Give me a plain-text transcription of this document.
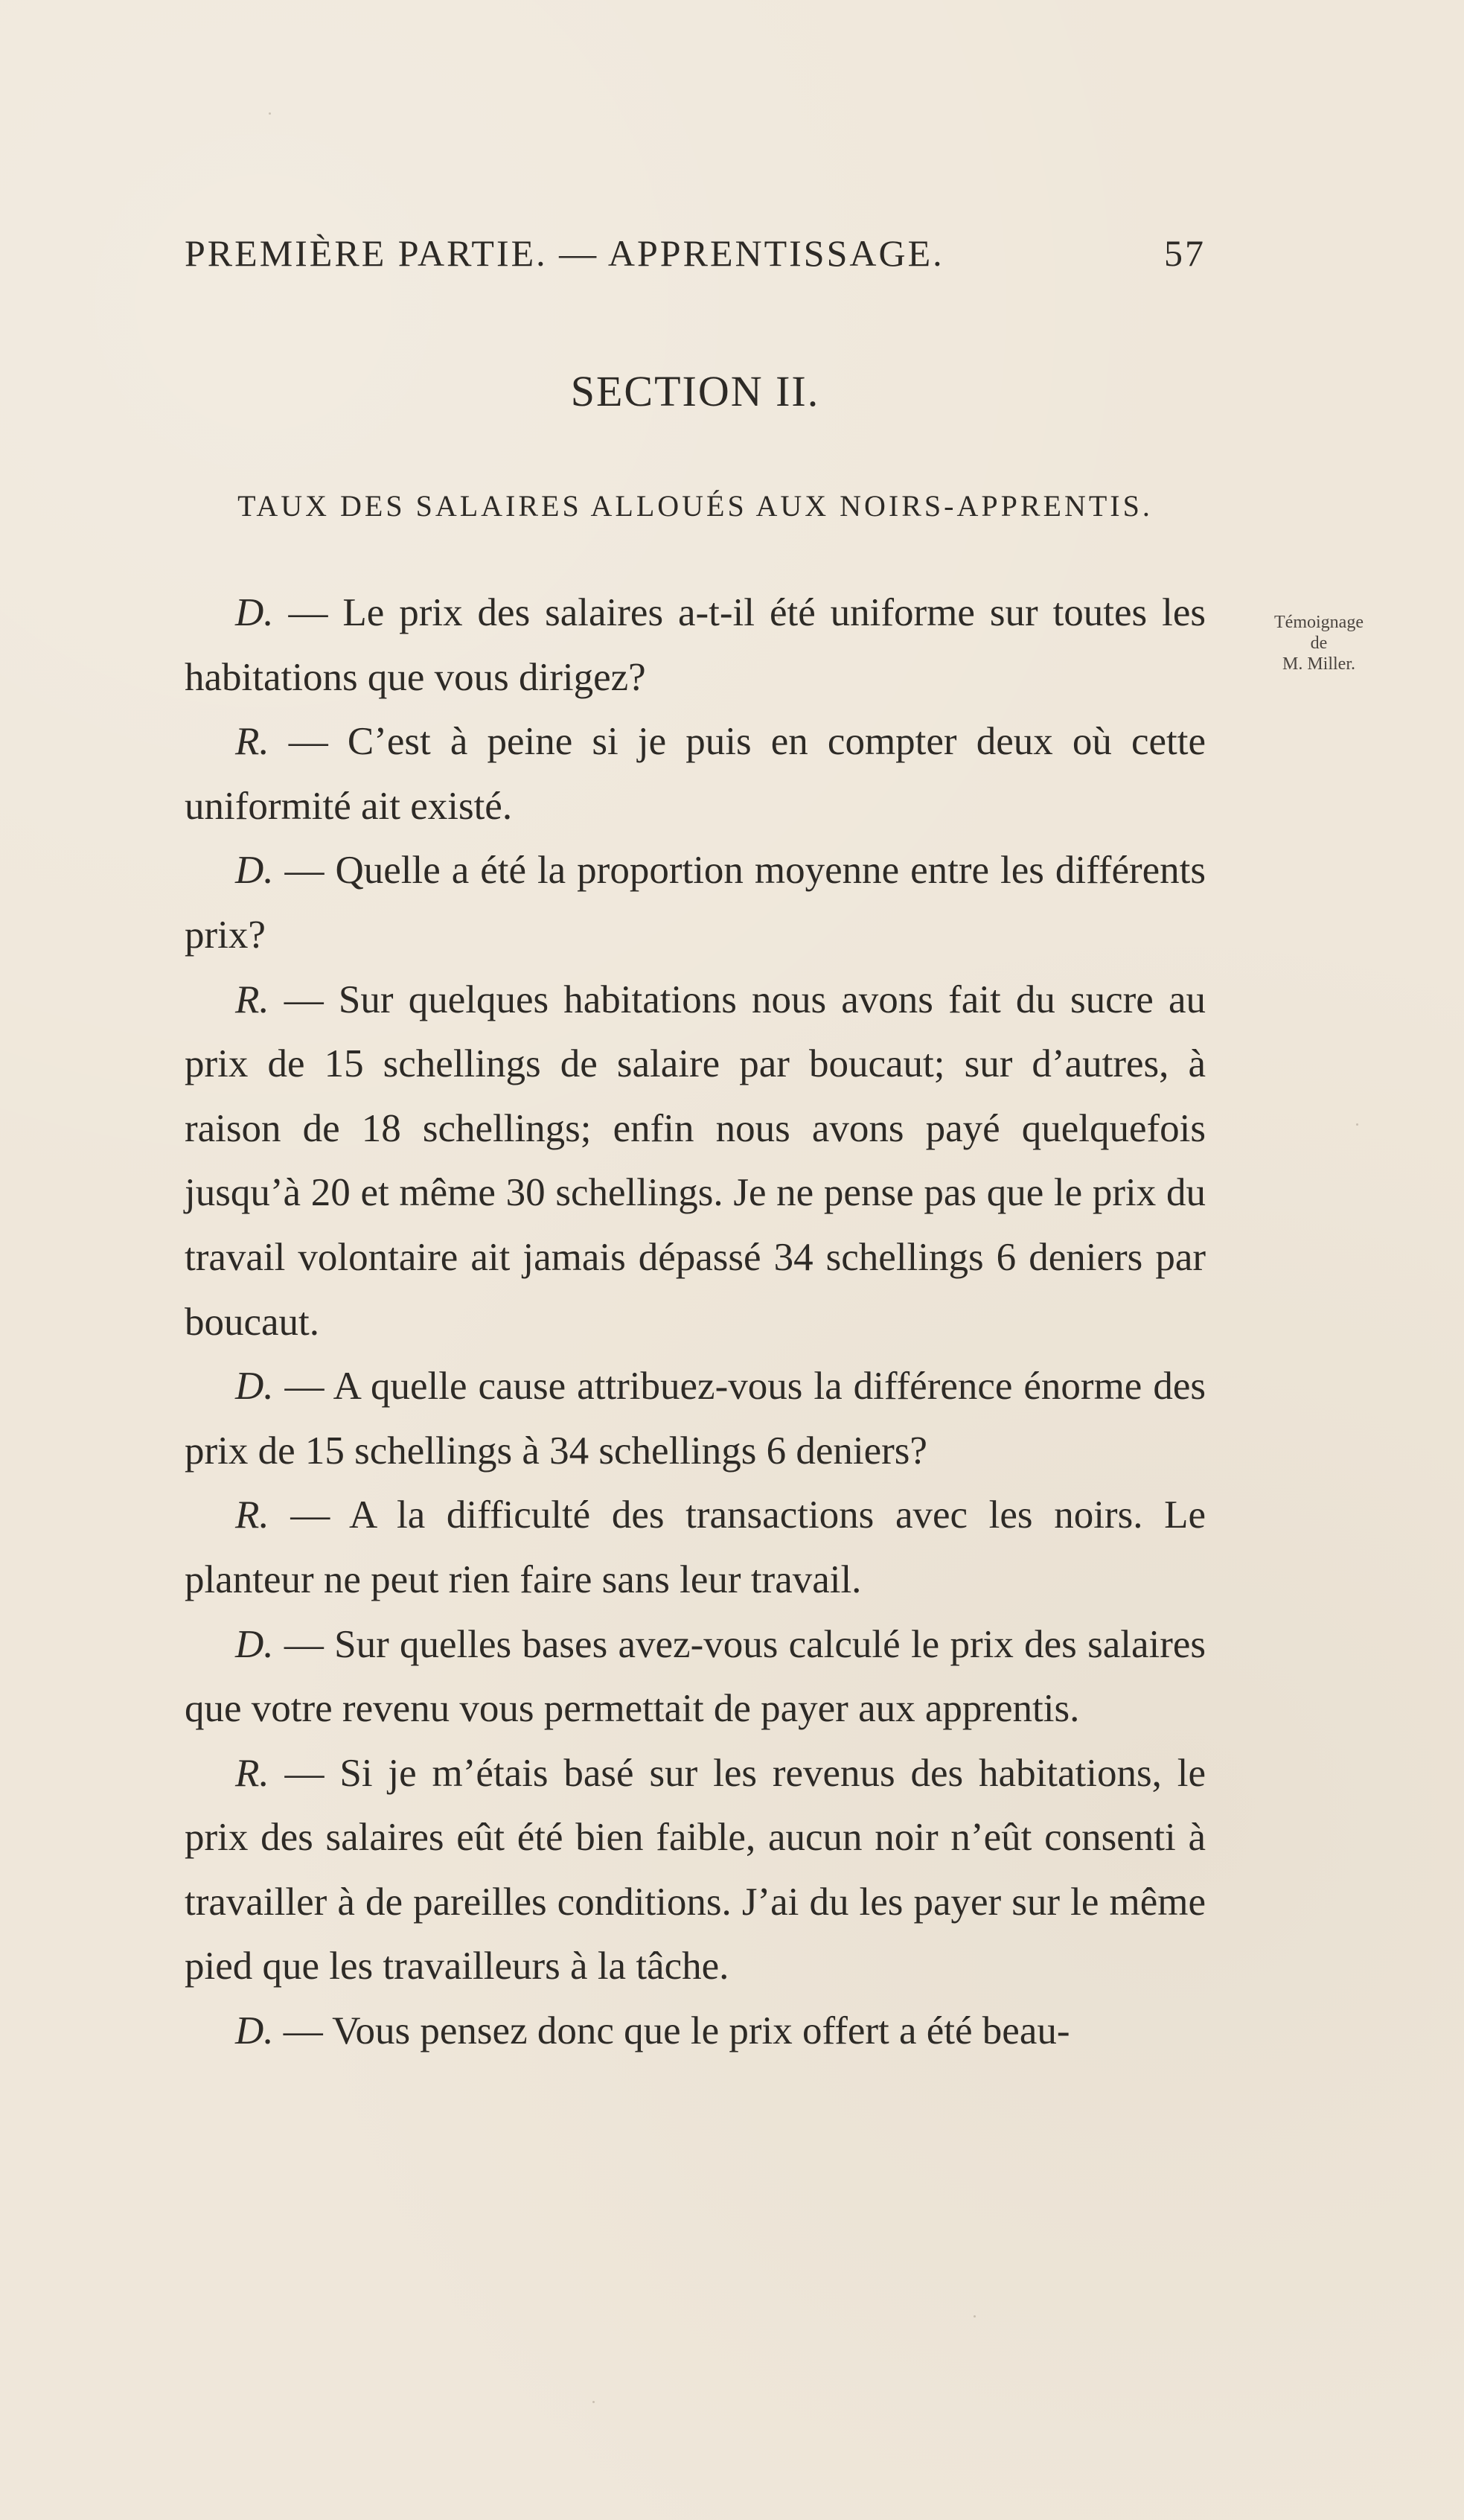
PREMIÈRE PARTIE. — APPRENTISSAGE.	57
SECTION II.
TAUX DES SALAIRES ALLOUÉS AUX NOIRS-APPRENTIS.
Témoignage
de
M. Miller.

D. — Le prix des salaires a-t-il été uniforme sur toutes les habitations que vous dirigez?

R. — C’est à peine si je puis en compter deux où cette uniformité ait existé.

D. — Quelle a été la proportion moyenne entre les différents prix?

R. — Sur quelques habitations nous avons fait du sucre au prix de 15 schellings de salaire par boucaut; sur d’autres, à raison de 18 schellings; enfin nous avons payé quelquefois jusqu’à 20 et même 30 schellings. Je ne pense pas que le prix du travail volontaire ait jamais dépassé 34 schellings 6 deniers par boucaut.

D. — A quelle cause attribuez-vous la différence énorme des prix de 15 schellings à 34 schellings 6 deniers?

R. — A la difficulté des transactions avec les noirs. Le planteur ne peut rien faire sans leur travail.

D. — Sur quelles bases avez-vous calculé le prix des salaires que votre revenu vous permettait de payer aux apprentis.

R. — Si je m’étais basé sur les revenus des habitations, le prix des salaires eût été bien faible, aucun noir n’eût consenti à travailler à de pareilles conditions. J’ai du les payer sur le même pied que les travailleurs à la tâche.

D. — Vous pensez donc que le prix offert a été beau-
